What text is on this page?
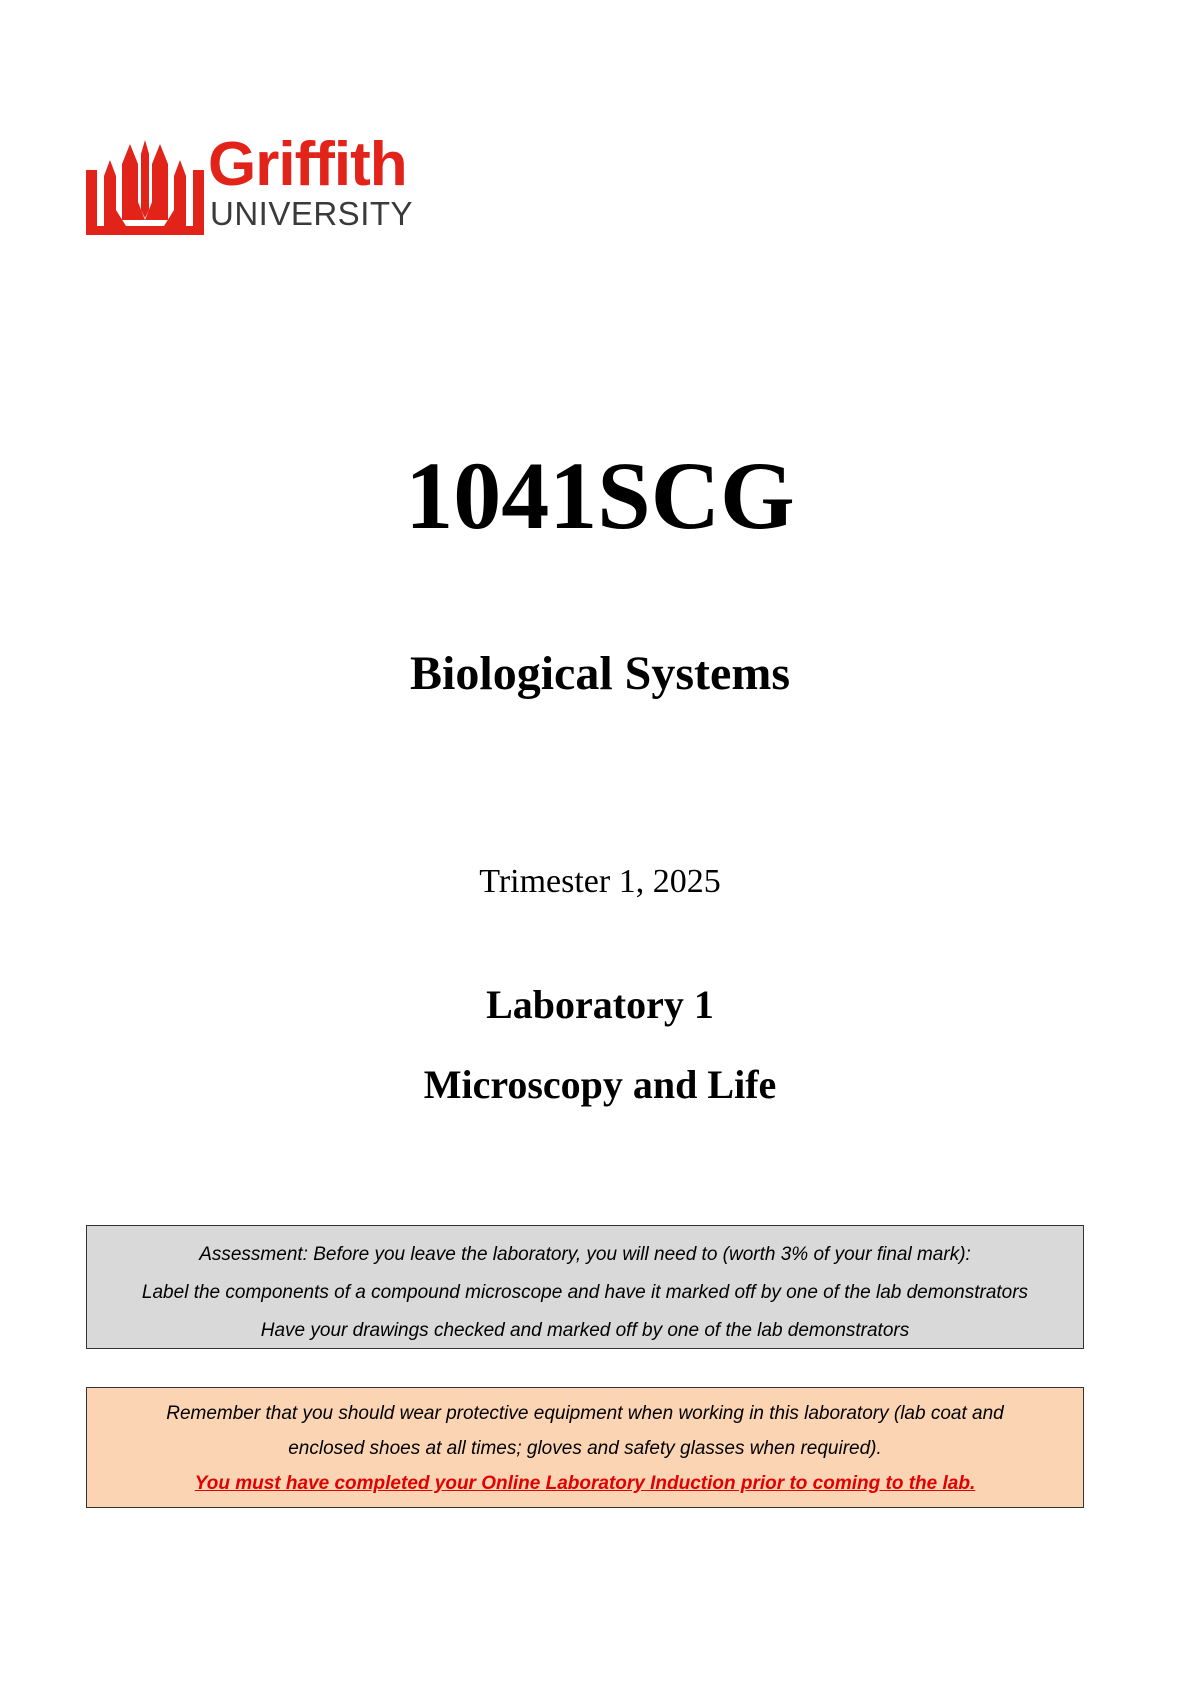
Griffith
UNIVERSITY
1041SCG
Biological Systems
Trimester 1, 2025
Laboratory 1
Microscopy and Life
Assessment: Before you leave the laboratory, you will need to (worth 3% of your final mark):
Label the components of a compound microscope and have it marked off by one of the lab demonstrators
Have your drawings checked and marked off by one of the lab demonstrators
Remember that you should wear protective equipment when working in this laboratory (lab coat and
enclosed shoes at all times; gloves and safety glasses when required).
You must have completed your Online Laboratory Induction prior to coming to the lab.
